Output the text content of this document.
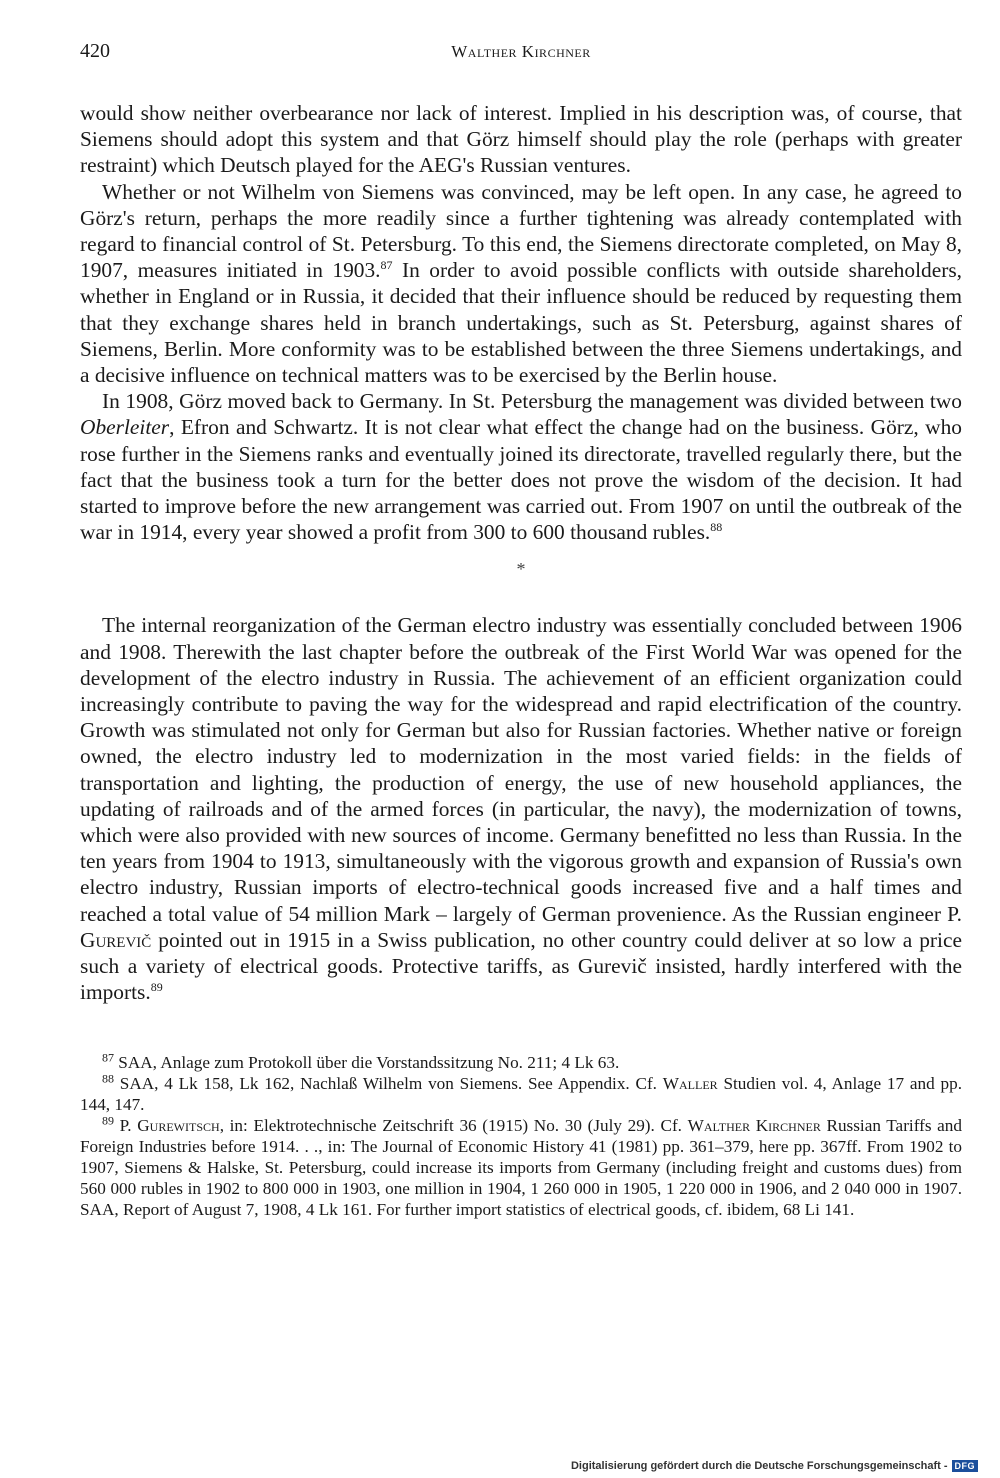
420	Walther Kirchner

would show neither overbearance nor lack of interest. Implied in his description was, of course, that Siemens should adopt this system and that Görz himself should play the role (perhaps with greater restraint) which Deutsch played for the AEG's Russian ventures.

Whether or not Wilhelm von Siemens was convinced, may be left open. In any case, he agreed to Görz's return, perhaps the more readily since a further tightening was already contemplated with regard to financial control of St. Petersburg. To this end, the Siemens directorate completed, on May 8, 1907, measures initiated in 1903.87 In order to avoid possible conflicts with outside shareholders, whether in England or in Russia, it decided that their influence should be reduced by requesting them that they exchange shares held in branch undertakings, such as St. Petersburg, against shares of Siemens, Berlin. More conformity was to be established between the three Siemens undertakings, and a decisive influence on technical matters was to be exercised by the Berlin house.

In 1908, Görz moved back to Germany. In St. Petersburg the management was divided between two Oberleiter, Efron and Schwartz. It is not clear what effect the change had on the business. Görz, who rose further in the Siemens ranks and eventually joined its directorate, travelled regularly there, but the fact that the business took a turn for the better does not prove the wisdom of the decision. It had started to improve before the new arrangement was carried out. From 1907 on until the outbreak of the war in 1914, every year showed a profit from 300 to 600 thousand rubles.$^{88}$

*

The internal reorganization of the German electro industry was essentially concluded between 1906 and 1908. Therewith the last chapter before the outbreak of the First World War was opened for the development of the electro industry in Russia. The achievement of an efficient organization could increasingly contribute to paving the way for the widespread and rapid electrification of the country. Growth was stimulated not only for German but also for Russian factories. Whether native or foreign owned, the electro industry led to modernization in the most varied fields: in the fields of transportation and lighting, the production of energy, the use of new household appliances, the updating of railroads and of the armed forces (in particular, the navy), the modernization of towns, which were also provided with new sources of income. Germany benefitted no less than Russia. In the ten years from 1904 to 1913, simultaneously with the vigorous growth and expansion of Russia's own electro industry, Russian imports of electro-technical goods increased five and a half times and reached a total value of 54 million Mark – largely of German provenience. As the Russian engineer P. Gurevič pointed out in 1915 in a Swiss publication, no other country could deliver at so low a price such a variety of electrical goods. Protective tariffs, as Gurevič insisted, hardly interfered with the imports.$^{89}$

$^{87}$ SAA, Anlage zum Protokoll über die Vorstandssitzung No. 211; 4 Lk 63.

$^{88}$ SAA, 4 Lk 158, Lk 162, Nachlaß Wilhelm von Siemens. See Appendix. Cf. Waller Studien vol. 4, Anlage 17 and pp. 144, 147.

$^{89}$ P. Gurewitsch, in: Elektrotechnische Zeitschrift 36 (1915) No. 30 (July 29). Cf. Walther Kirchner Russian Tariffs and Foreign Industries before 1914. . ., in: The Journal of Economic History 41 (1981) pp. 361–379, here pp. 367ff. From 1902 to 1907, Siemens & Halske, St. Petersburg, could increase its imports from Germany (including freight and customs dues) from 560 000 rubles in 1902 to 800 000 in 1903, one million in 1904, 1 260 000 in 1905, 1 220 000 in 1906, and 2 040 000 in 1907. SAA, Report of August 7, 1908, 4 Lk 161. For further import statistics of electrical goods, cf. ibidem, 68 Li 141.

Digitalisierung gefördert durch die Deutsche Forschungsgemeinschaft - DFG
